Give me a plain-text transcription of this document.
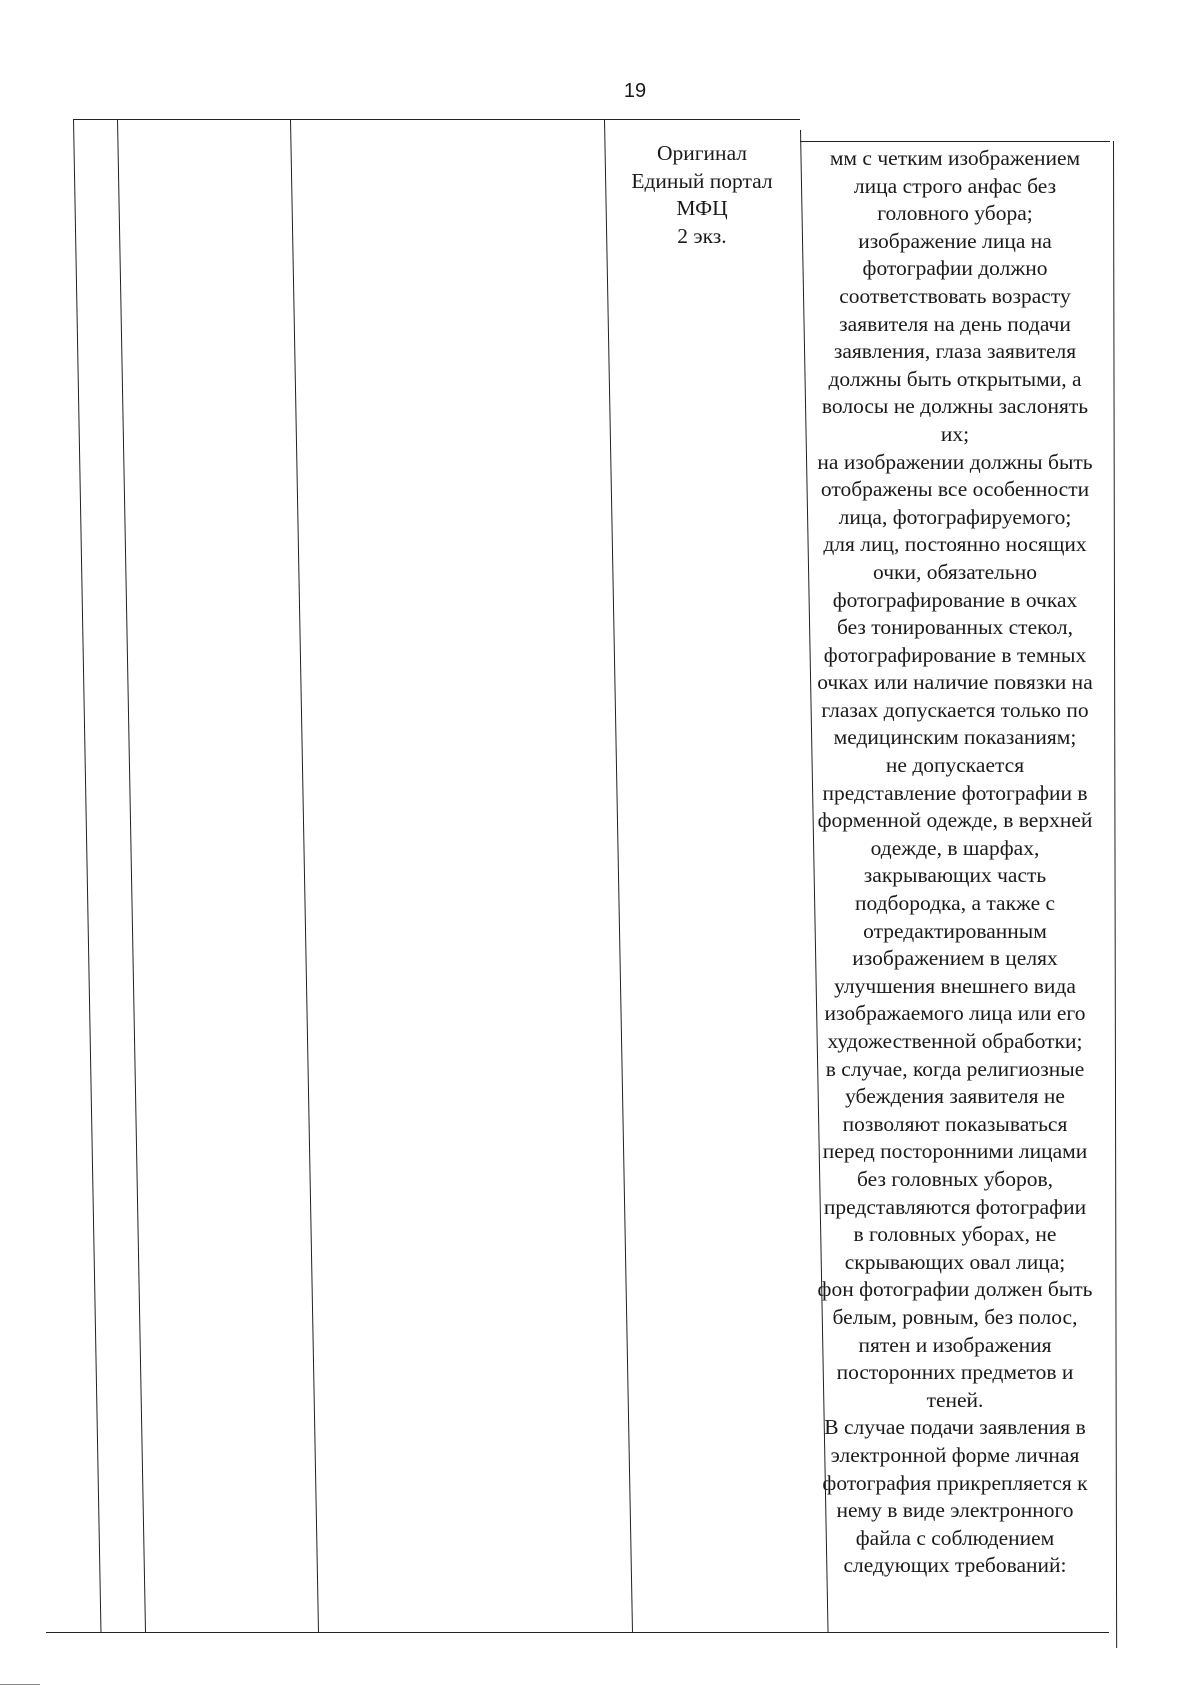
19
Оригинал
Единый портал
МФЦ
2 экз.
мм с четким изображением
лица строго анфас без
головного убора;
изображение лица на
фотографии должно
соответствовать возрасту
заявителя на день подачи
заявления, глаза заявителя
должны быть открытыми, а
волосы не должны заслонять
их;
на изображении должны быть
отображены все особенности
лица, фотографируемого;
для лиц, постоянно носящих
очки, обязательно
фотографирование в очках
без тонированных стекол,
фотографирование в темных
очках или наличие повязки на
глазах допускается только по
медицинским показаниям;
не допускается
представление фотографии в
форменной одежде, в верхней
одежде, в шарфах,
закрывающих часть
подбородка, а также с
отредактированным
изображением в целях
улучшения внешнего вида
изображаемого лица или его
художественной обработки;
в случае, когда религиозные
убеждения заявителя не
позволяют показываться
перед посторонними лицами
без головных уборов,
представляются фотографии
в головных уборах, не
скрывающих овал лица;
фон фотографии должен быть
белым, ровным, без полос,
пятен и изображения
посторонних предметов и
теней.
В случае подачи заявления в
электронной форме личная
фотография прикрепляется к
нему в виде электронного
файла с соблюдением
следующих требований:
